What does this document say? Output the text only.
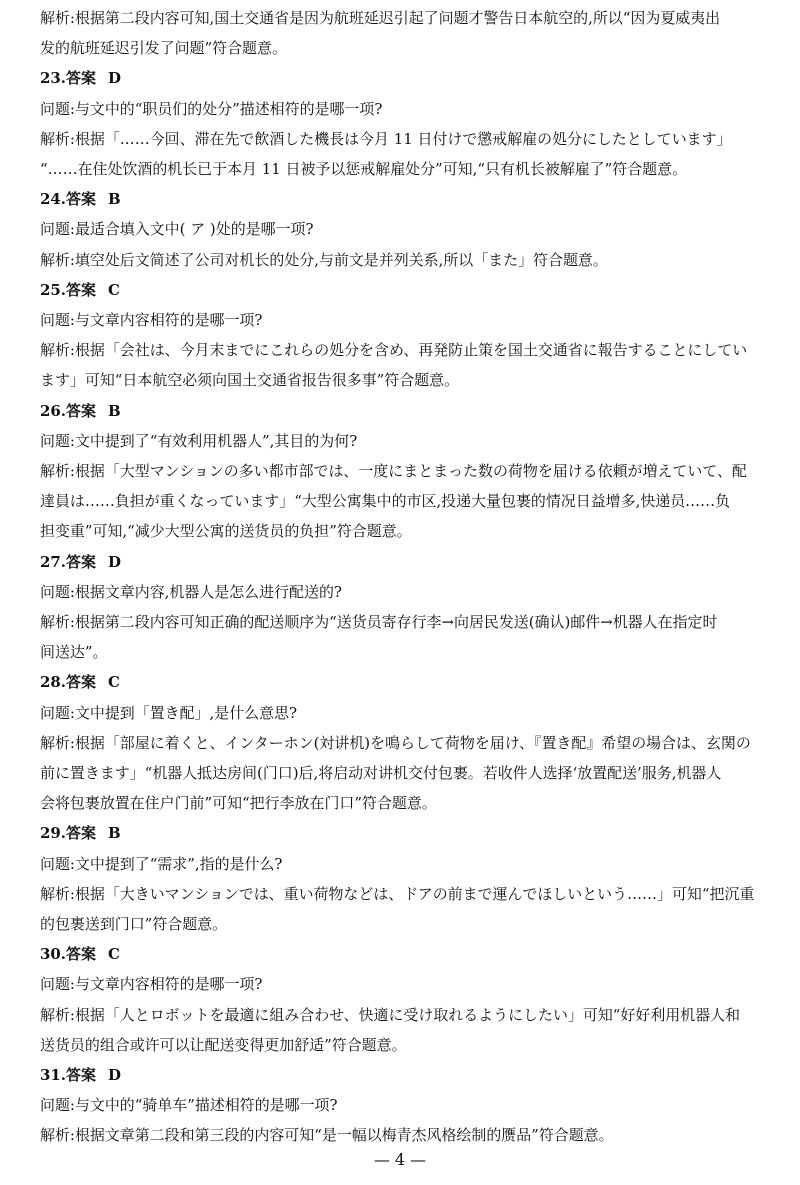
解析:根据第二段内容可知,国土交通省是因为航班延迟引起了问题才警告日本航空的,所以“因为夏威夷出
发的航班延迟引发了问题”符合题意。
23.答案 D
问题:与文中的“职员们的处分”描述相符的是哪一项?
解析:根据「……今回、滞在先で飲酒した機長は今月 11 日付けで懲戒解雇の処分にしたとしています」
“……在住处饮酒的机长已于本月 11 日被予以惩戒解雇处分”可知,“只有机长被解雇了”符合题意。
24.答案 B
问题:最适合填入文中( ア )处的是哪一项?
解析:填空处后文简述了公司对机长的处分,与前文是并列关系,所以「また」符合题意。
25.答案 C
问题:与文章内容相符的是哪一项?
解析:根据「会社は、今月末までにこれらの処分を含め、再発防止策を国土交通省に報告することにしてい
ます」可知“日本航空必须向国土交通省报告很多事”符合题意。
26.答案 B
问题:文中提到了“有效利用机器人”,其目的为何?
解析:根据「大型マンションの多い都市部では、一度にまとまった数の荷物を届ける依頼が増えていて、配
達員は……負担が重くなっています」“大型公寓集中的市区,投递大量包裹的情况日益增多,快递员……负
担变重”可知,“减少大型公寓的送货员的负担”符合题意。
27.答案 D
问题:根据文章内容,机器人是怎么进行配送的?
解析:根据第二段内容可知正确的配送顺序为“送货员寄存行李→向居民发送(确认)邮件→机器人在指定时
间送达”。
28.答案 C
问题:文中提到「置き配」,是什么意思?
解析:根据「部屋に着くと、インターホン(対讲机)を鳴らして荷物を届け、『置き配』希望の場合は、玄関の
前に置きます」“机器人抵达房间(门口)后,将启动对讲机交付包裹。若收件人选择‘放置配送’服务,机器人
会将包裹放置在住户门前”可知“把行李放在门口”符合题意。
29.答案 B
问题:文中提到了“需求”,指的是什么?
解析:根据「大きいマンションでは、重い荷物などは、ドアの前まで運んでほしいという……」可知“把沉重
的包裹送到门口”符合题意。
30.答案 C
问题:与文章内容相符的是哪一项?
解析:根据「人とロボットを最適に組み合わせ、快適に受け取れるようにしたい」可知“好好利用机器人和
送货员的组合或许可以让配送变得更加舒适”符合题意。
31.答案 D
问题:与文中的“骑单车”描述相符的是哪一项?
解析:根据文章第二段和第三段的内容可知“是一幅以梅青杰风格绘制的赝品”符合题意。
— 4 —
